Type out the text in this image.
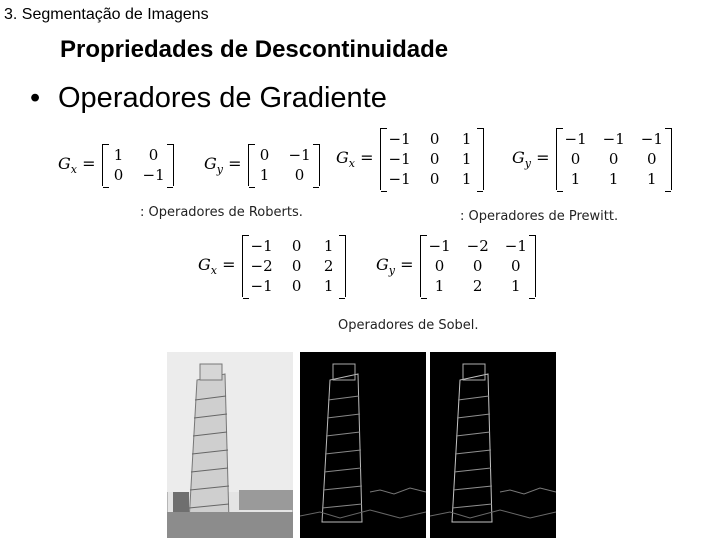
3. Segmentação de Imagens
Propriedades de Descontinuidade
• Operadores de Gradiente
$G_x = 1$	0
0 −1
$G_y = 0 -1$
1	0
$G_x$ =
−1 0 1
−1 0 1
−1 0 1
$G_y$ =
−1 −1 −1
0	0	0
1	1	1
: Operadores de Roberts.	: Operadores de Prewitt.
$G_x$ =
−1 0 1
−2 0 2
−1 0 1
$G_y$ =
−1 −2 −1
0	0	0
1	2	1
Operadores de Sobel.
